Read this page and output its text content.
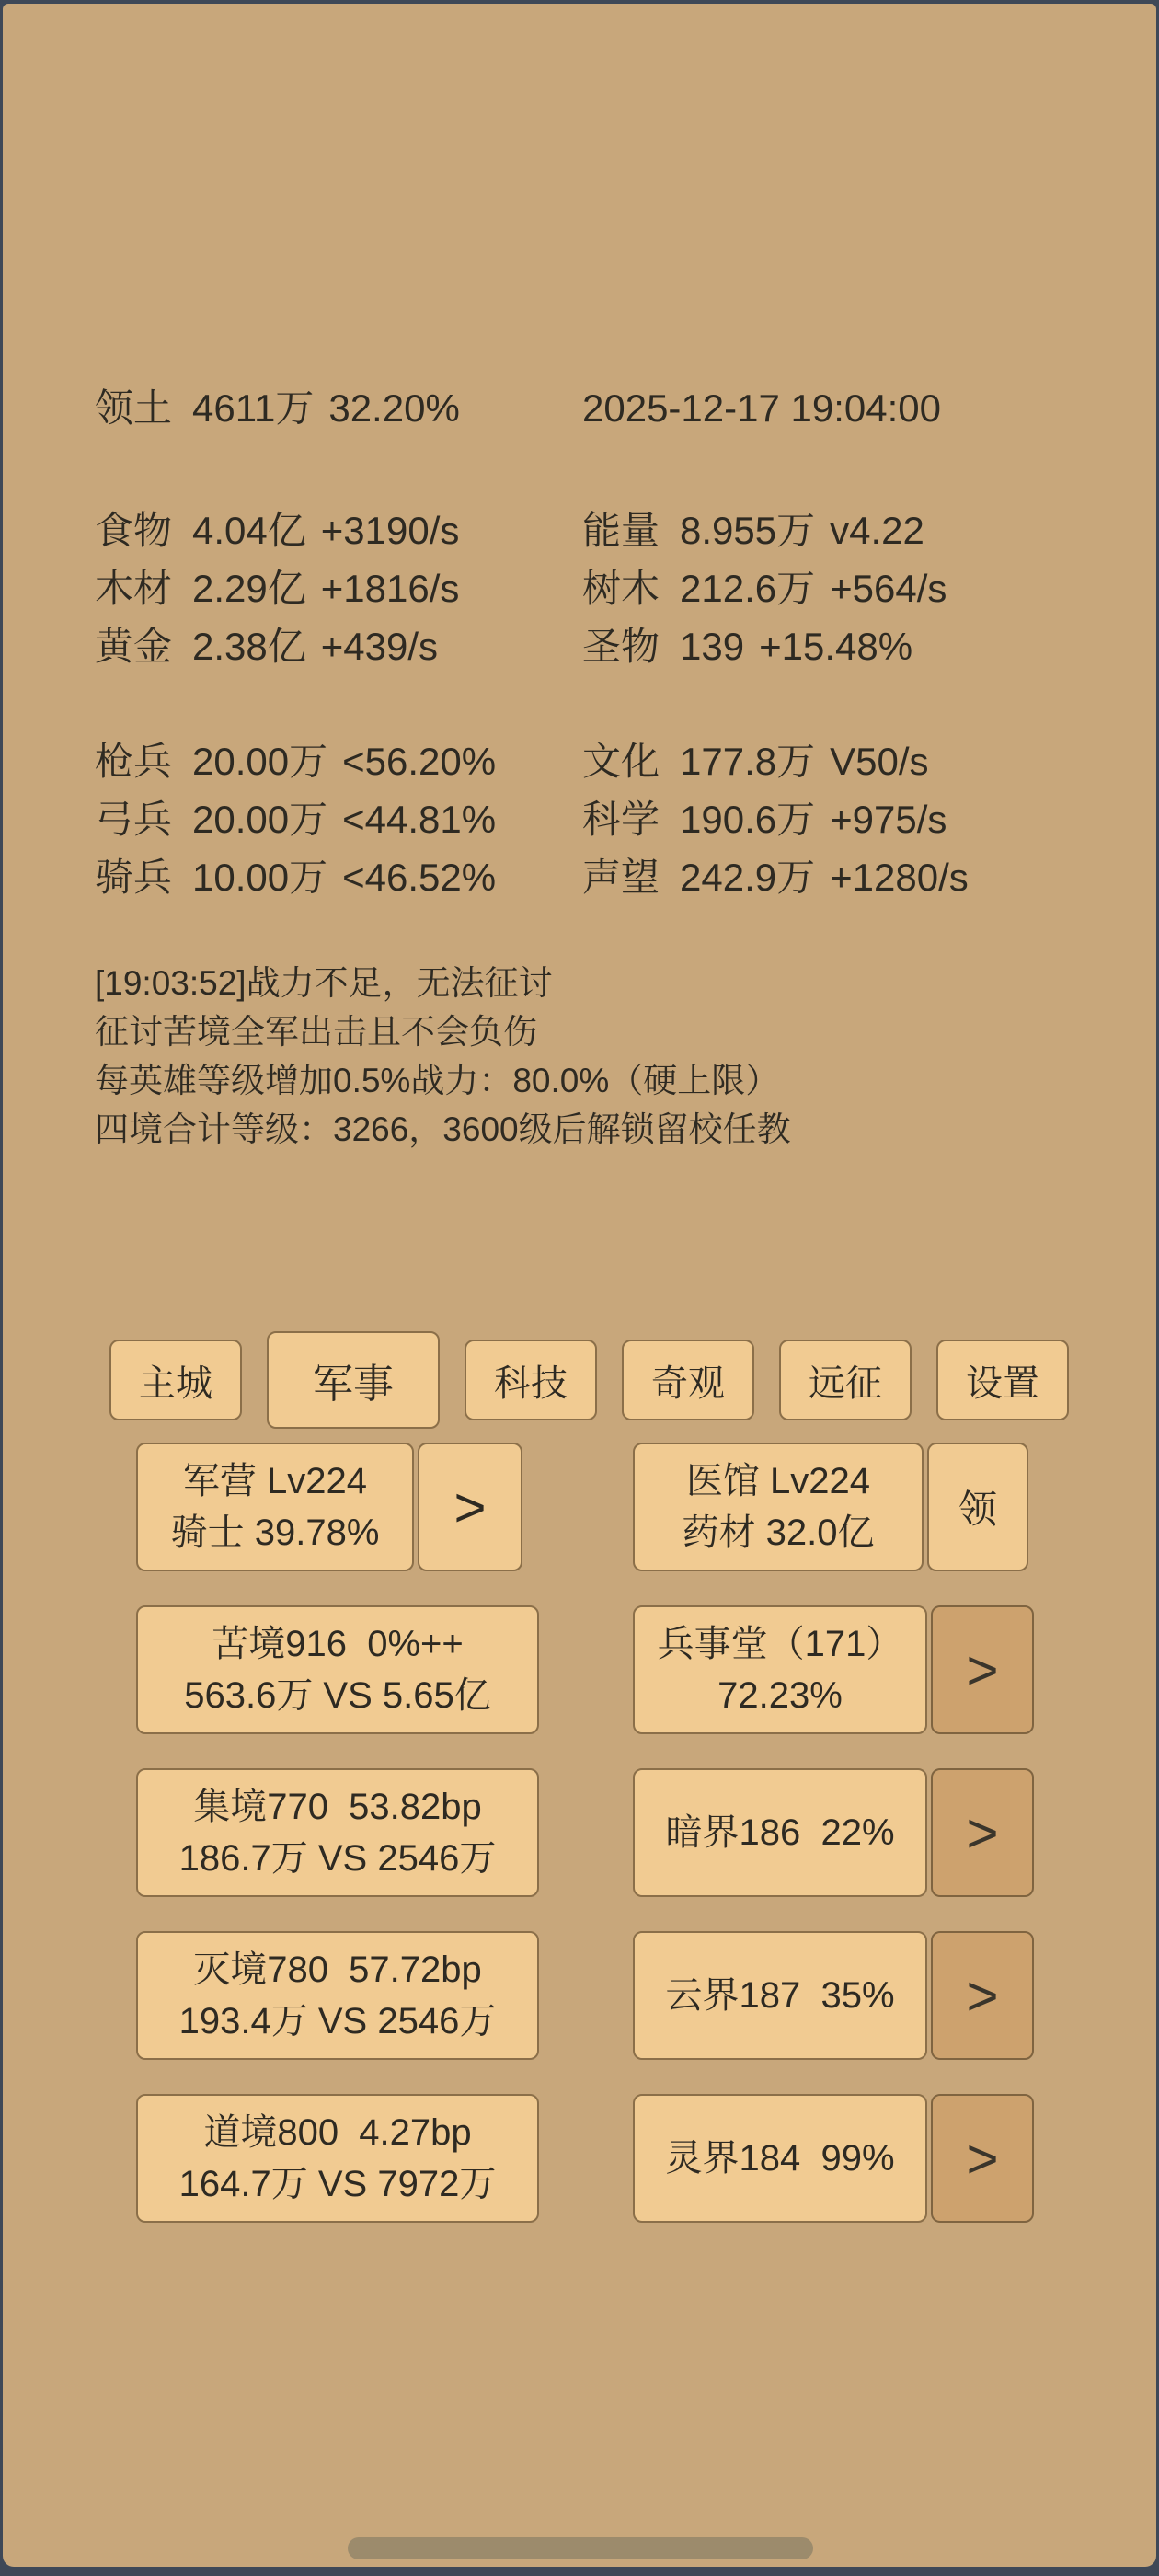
领土 4611万 32.20%	2025-12-17 19:04:00
食物 4.04亿 +3190/s	能量 8.955万 v4.22
木材 2.29亿 +1816/s	树木 212.6万 +564/s
黄金 2.38亿 +439/s	圣物 139 +15.48%
枪兵 20.00万 <56.20%	文化 177.8万 V50/s
弓兵 20.00万 <44.81%	科学 190.6万 +975/s
骑兵 10.00万 <46.52%	声望 242.9万 +1280/s
[19:03:52]战力不足，无法征讨
征讨苦境全军出击且不会负伤
每英雄等级增加0.5%战力：80.0%（硬上限）
四境合计等级：3266，3600级后解锁留校任教
主城	军事	科技	奇观	远征	设置
军营 Lv224
骑士 39.78%	>	医馆 Lv224
药材 32.0亿
领
苦境916  0%++
563.6万 VS 5.65亿
兵事堂（171）
72.23%	>
集境770  53.82bp
186.7万 VS 2546万
暗界186  22%	>
灭境780  57.72bp
193.4万 VS 2546万
云界187  35%	>
道境800  4.27bp
164.7万 VS 7972万
灵界184  99%	>
